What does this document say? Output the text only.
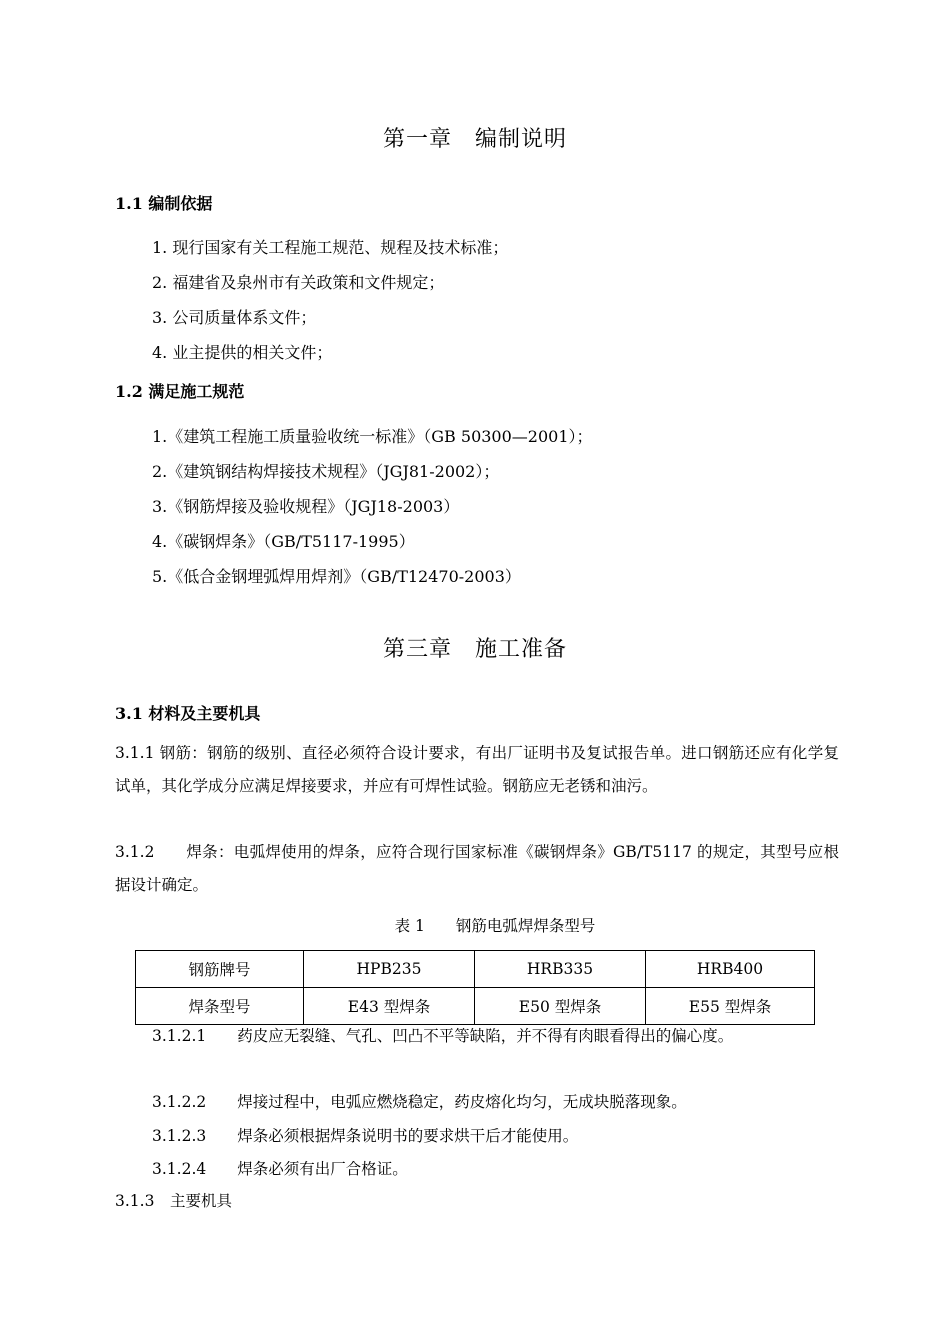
第一章　编制说明
1.1 编制依据
1. 现行国家有关工程施工规范、规程及技术标准；
2. 福建省及泉州市有关政策和文件规定；
3. 公司质量体系文件；
4. 业主提供的相关文件；
1.2 满足施工规范
1.《建筑工程施工质量验收统一标准》（GB 50300—2001）；
2.《建筑钢结构焊接技术规程》（JGJ81-2002）；
3.《钢筋焊接及验收规程》（JGJ18-2003）
4.《碳钢焊条》（GB/T5117-1995）
5.《低合金钢埋弧焊用焊剂》（GB/T12470-2003）
第三章　施工准备
3.1 材料及主要机具
3.1.1 钢筋：钢筋的级别、直径必须符合设计要求，有出厂证明书及复试报告单。进口钢筋还应有化学复试单，其化学成分应满足焊接要求，并应有可焊性试验。钢筋应无老锈和油污。
3.1.2　　焊条：电弧焊使用的焊条，应符合现行国家标准《碳钢焊条》GB/T5117 的规定，其型号应根据设计确定。
表 1　　钢筋电弧焊焊条型号
钢筋牌号	HPB235	HRB335	HRB400
焊条型号	E43 型焊条	E50 型焊条	E55 型焊条
3.1.2.1　　药皮应无裂缝、气孔、凹凸不平等缺陷，并不得有肉眼看得出的偏心度。
3.1.2.2　　焊接过程中，电弧应燃烧稳定，药皮熔化均匀，无成块脱落现象。
3.1.2.3　　焊条必须根据焊条说明书的要求烘干后才能使用。
3.1.2.4　　焊条必须有出厂合格证。
3.1.3　主要机具
